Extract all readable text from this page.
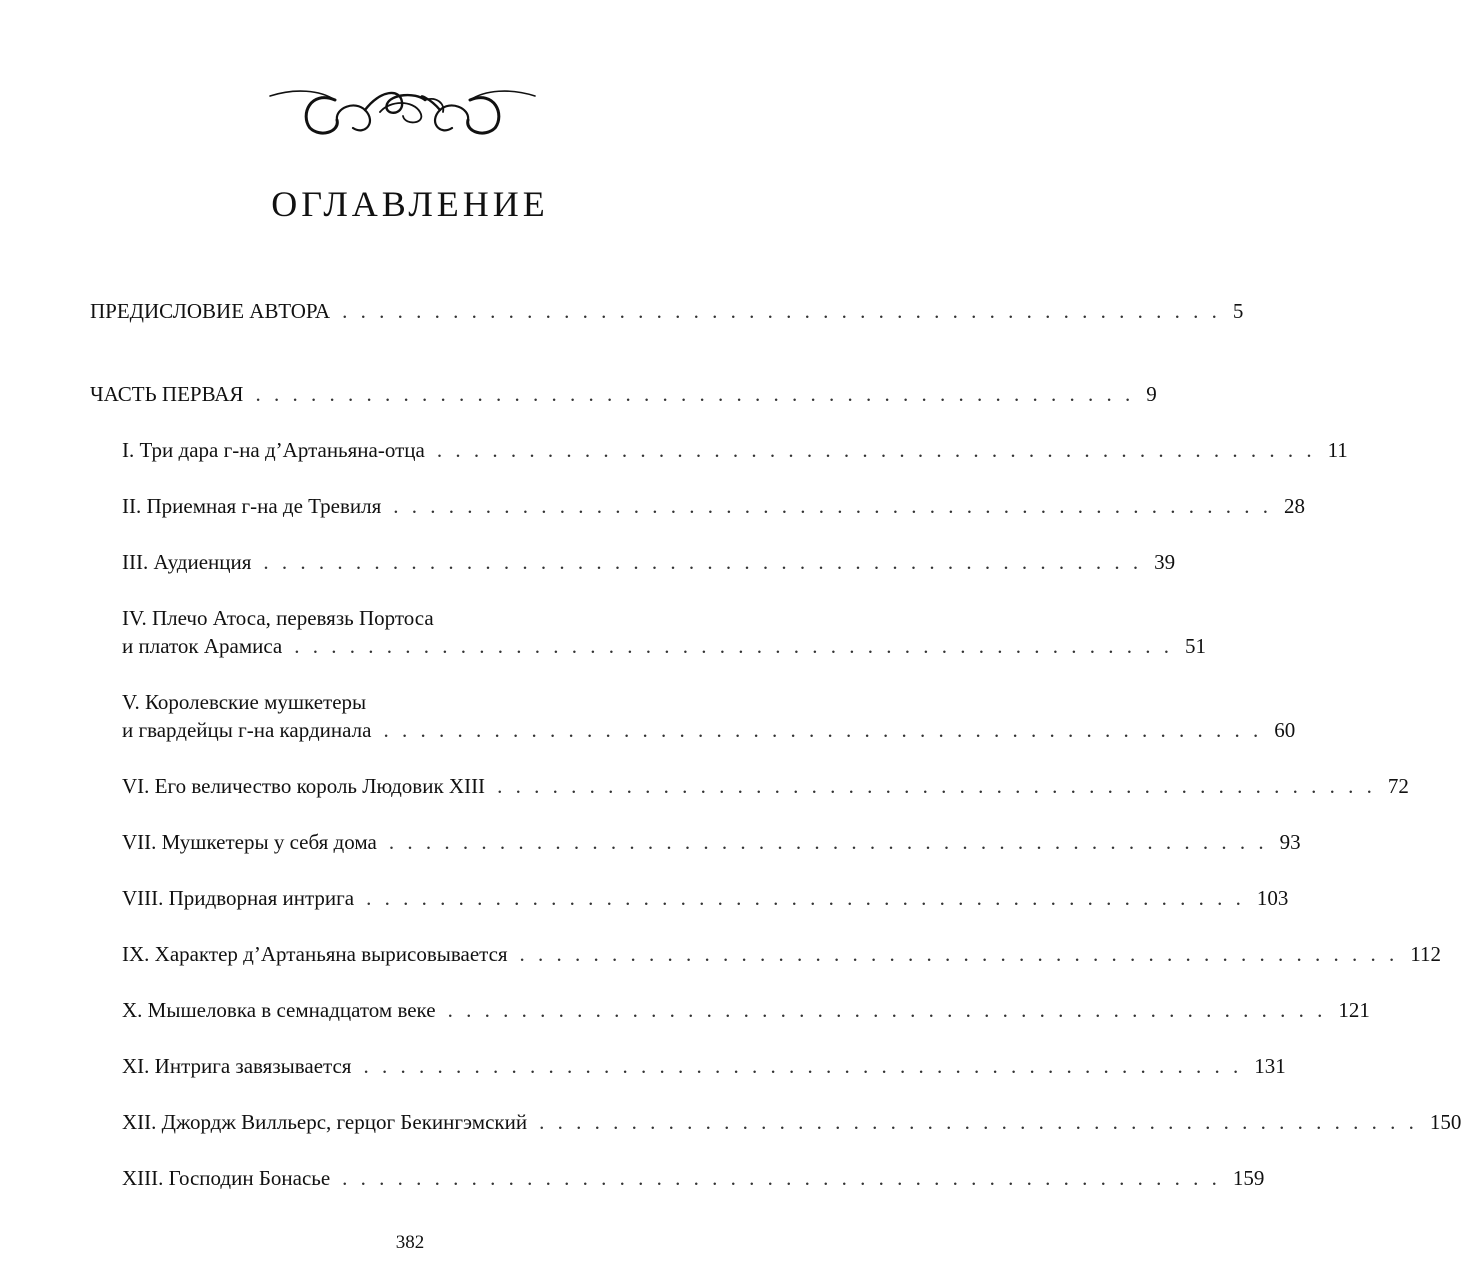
ОГЛАВЛЕНИЕ
ПРЕДИСЛОВИЕ АВТОРА . . . . . . . . . . . . . . . . . . . . . . . . . . . . . . . . . . . . . . . . . . . . . . . . 5
ЧАСТЬ ПЕРВАЯ . . . . . . . . . . . . . . . . . . . . . . . . . . . . . . . . . . . . . . . . . . . . . . . . 9
I. Три дара г-на д’Артаньяна-отца . . . . . . . . . . . . . . . . . . . . . . . . . . . . . . . . . . . . . . . . . . . . . . . . 11
II. Приемная г-на де Тревиля . . . . . . . . . . . . . . . . . . . . . . . . . . . . . . . . . . . . . . . . . . . . . . . . 28
III. Аудиенция . . . . . . . . . . . . . . . . . . . . . . . . . . . . . . . . . . . . . . . . . . . . . . . . 39
IV. Плечо Атоса, перевязь Портоса
и платок Арамиса . . . . . . . . . . . . . . . . . . . . . . . . . . . . . . . . . . . . . . . . . . . . . . . . 51
V. Королевские мушкетеры
и гвардейцы г-на кардинала . . . . . . . . . . . . . . . . . . . . . . . . . . . . . . . . . . . . . . . . . . . . . . . . 60
VI. Его величество король Людовик XIII . . . . . . . . . . . . . . . . . . . . . . . . . . . . . . . . . . . . . . . . . . . . . . . . 72
VII. Мушкетеры у себя дома . . . . . . . . . . . . . . . . . . . . . . . . . . . . . . . . . . . . . . . . . . . . . . . . 93
VIII. Придворная интрига . . . . . . . . . . . . . . . . . . . . . . . . . . . . . . . . . . . . . . . . . . . . . . . . 103
IX. Характер д’Артаньяна вырисовывается . . . . . . . . . . . . . . . . . . . . . . . . . . . . . . . . . . . . . . . . . . . . . . . . 112
X. Мышеловка в семнадцатом веке . . . . . . . . . . . . . . . . . . . . . . . . . . . . . . . . . . . . . . . . . . . . . . . . 121
XI. Интрига завязывается . . . . . . . . . . . . . . . . . . . . . . . . . . . . . . . . . . . . . . . . . . . . . . . . 131
XII. Джордж Вилльерс, герцог Бекингэмский . . . . . . . . . . . . . . . . . . . . . . . . . . . . . . . . . . . . . . . . . . . . . . . . 150
XIII. Господин Бонасье . . . . . . . . . . . . . . . . . . . . . . . . . . . . . . . . . . . . . . . . . . . . . . . . 159
382
